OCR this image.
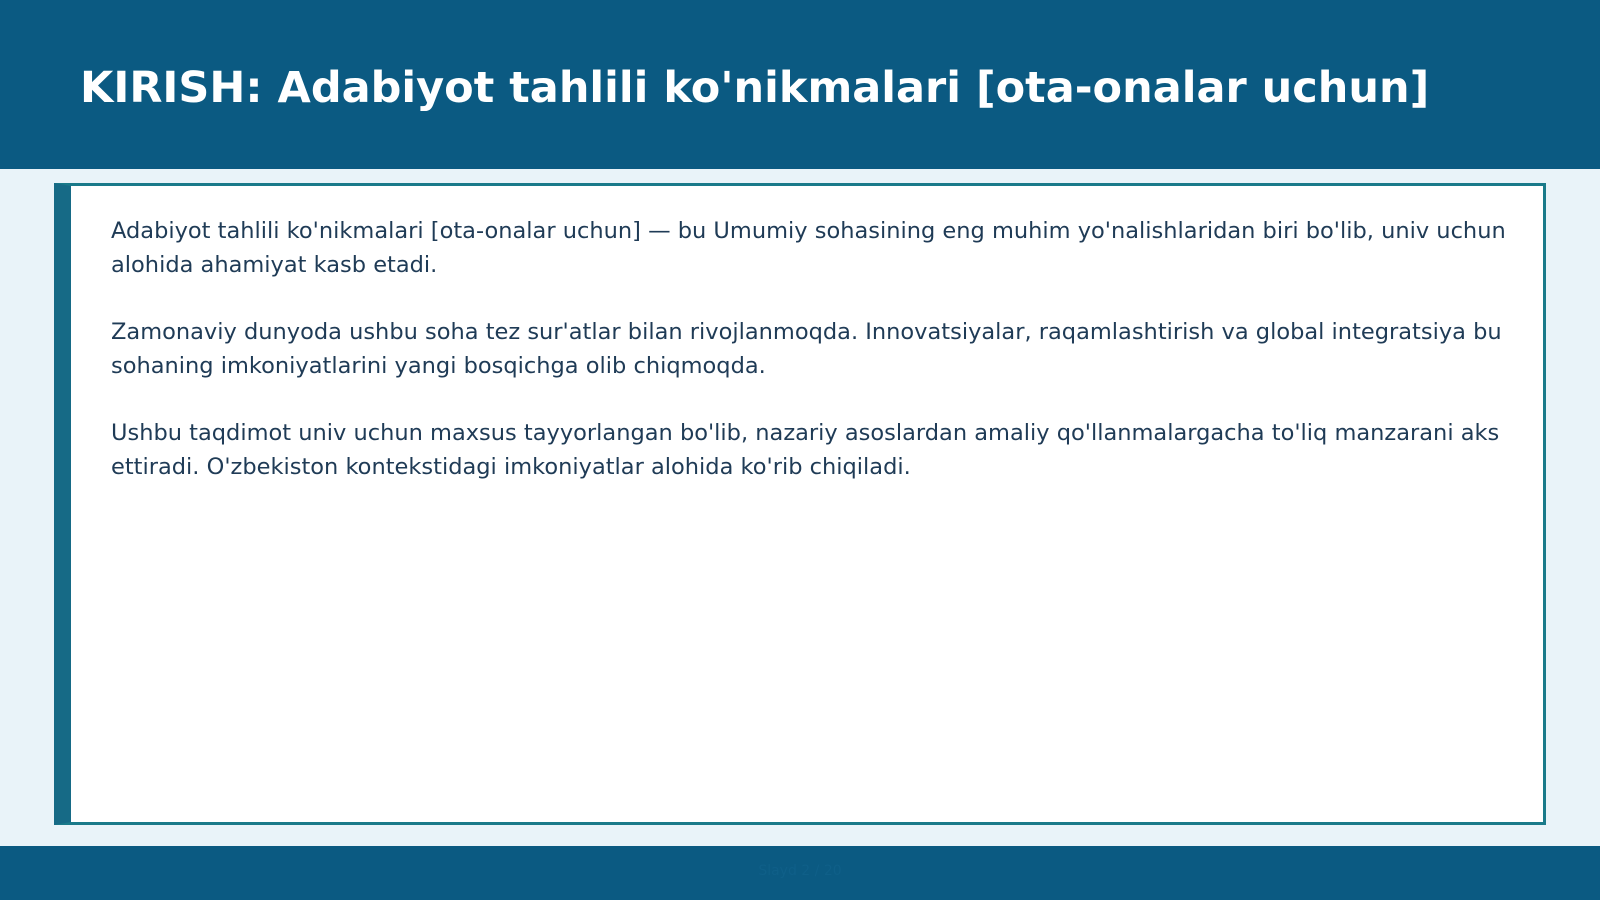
KIRISH: Adabiyot tahlili ko'nikmalari [ota-onalar uchun]

Adabiyot tahlili ko'nikmalari [ota-onalar uchun] — bu Umumiy sohasining eng muhim yo'nalishlaridan biri bo'lib, univ uchun alohida ahamiyat kasb etadi.

Zamonaviy dunyoda ushbu soha tez sur'atlar bilan rivojlanmoqda. Innovatsiyalar, raqamlashtirish va global integratsiya bu sohaning imkoniyatlarini yangi bosqichga olib chiqmoqda.

Ushbu taqdimot univ uchun maxsus tayyorlangan bo'lib, nazariy asoslardan amaliy qo'llanmalargacha to'liq manzarani aks ettiradi. O'zbekiston kontekstidagi imkoniyatlar alohida ko'rib chiqiladi.

Slayd 2 / 20
